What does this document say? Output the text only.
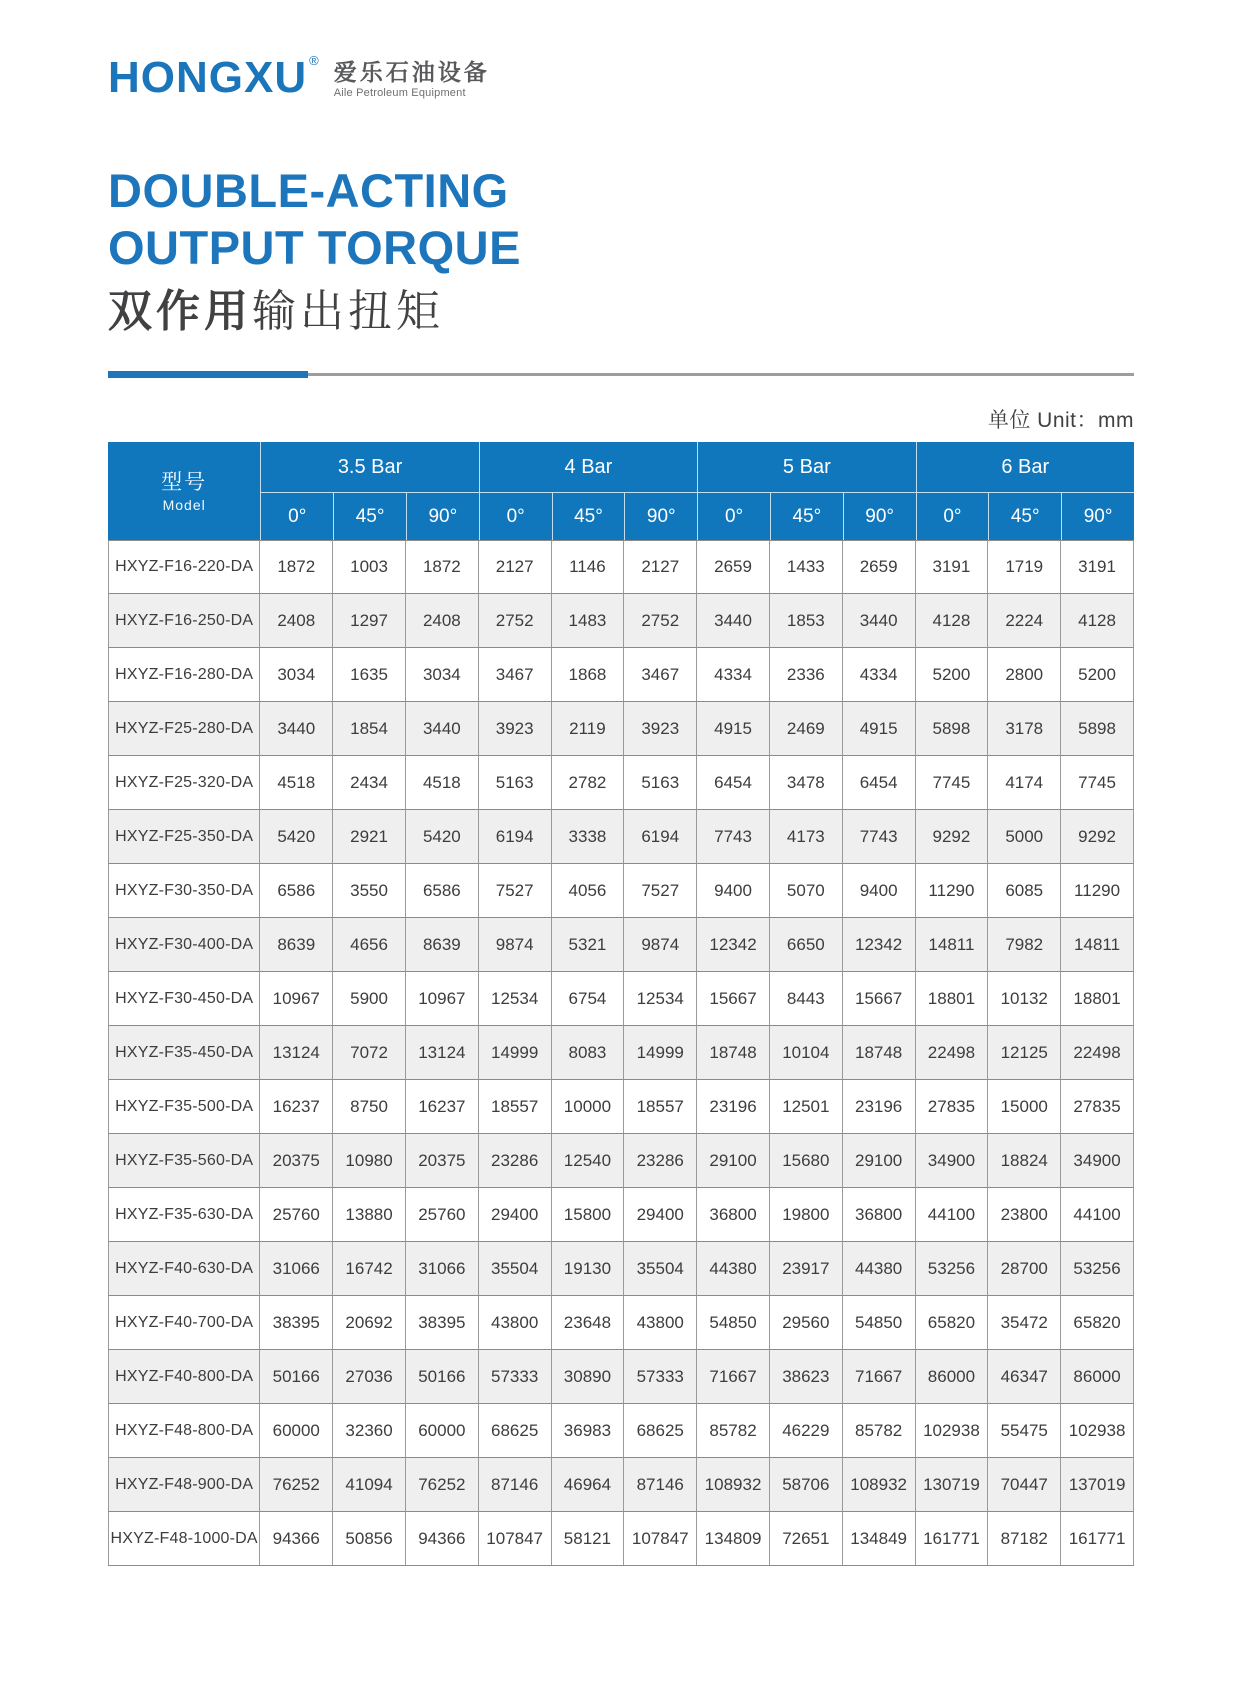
HONGXU ® 爱乐石油设备
Aile Petroleum Equipment
DOUBLE-ACTING
OUTPUT TORQUE
双作用输出扭矩
单位 Unit：mm
型号
Model	3.5 Bar			4 Bar			5 Bar			6 Bar		
	0°	45°	90°	0°	45°	90°	0°	45°	90°	0°	45°	90°
HXYZ-F16-220-DA	1872	1003	1872	2127	1146	2127	2659	1433	2659	3191	1719	3191
HXYZ-F16-250-DA	2408	1297	2408	2752	1483	2752	3440	1853	3440	4128	2224	4128
HXYZ-F16-280-DA	3034	1635	3034	3467	1868	3467	4334	2336	4334	5200	2800	5200
HXYZ-F25-280-DA	3440	1854	3440	3923	2119	3923	4915	2469	4915	5898	3178	5898
HXYZ-F25-320-DA	4518	2434	4518	5163	2782	5163	6454	3478	6454	7745	4174	7745
HXYZ-F25-350-DA	5420	2921	5420	6194	3338	6194	7743	4173	7743	9292	5000	9292
HXYZ-F30-350-DA	6586	3550	6586	7527	4056	7527	9400	5070	9400	11290	6085	11290
HXYZ-F30-400-DA	8639	4656	8639	9874	5321	9874	12342	6650	12342	14811	7982	14811
HXYZ-F30-450-DA	10967	5900	10967	12534	6754	12534	15667	8443	15667	18801	10132	18801
HXYZ-F35-450-DA	13124	7072	13124	14999	8083	14999	18748	10104	18748	22498	12125	22498
HXYZ-F35-500-DA	16237	8750	16237	18557	10000	18557	23196	12501	23196	27835	15000	27835
HXYZ-F35-560-DA	20375	10980	20375	23286	12540	23286	29100	15680	29100	34900	18824	34900
HXYZ-F35-630-DA	25760	13880	25760	29400	15800	29400	36800	19800	36800	44100	23800	44100
HXYZ-F40-630-DA	31066	16742	31066	35504	19130	35504	44380	23917	44380	53256	28700	53256
HXYZ-F40-700-DA	38395	20692	38395	43800	23648	43800	54850	29560	54850	65820	35472	65820
HXYZ-F40-800-DA	50166	27036	50166	57333	30890	57333	71667	38623	71667	86000	46347	86000
HXYZ-F48-800-DA	60000	32360	60000	68625	36983	68625	85782	46229	85782	102938	55475	102938
HXYZ-F48-900-DA	76252	41094	76252	87146	46964	87146	108932	58706	108932	130719	70447	137019
HXYZ-F48-1000-DA	94366	50856	94366	107847	58121	107847	134809	72651	134849	161771	87182	161771
